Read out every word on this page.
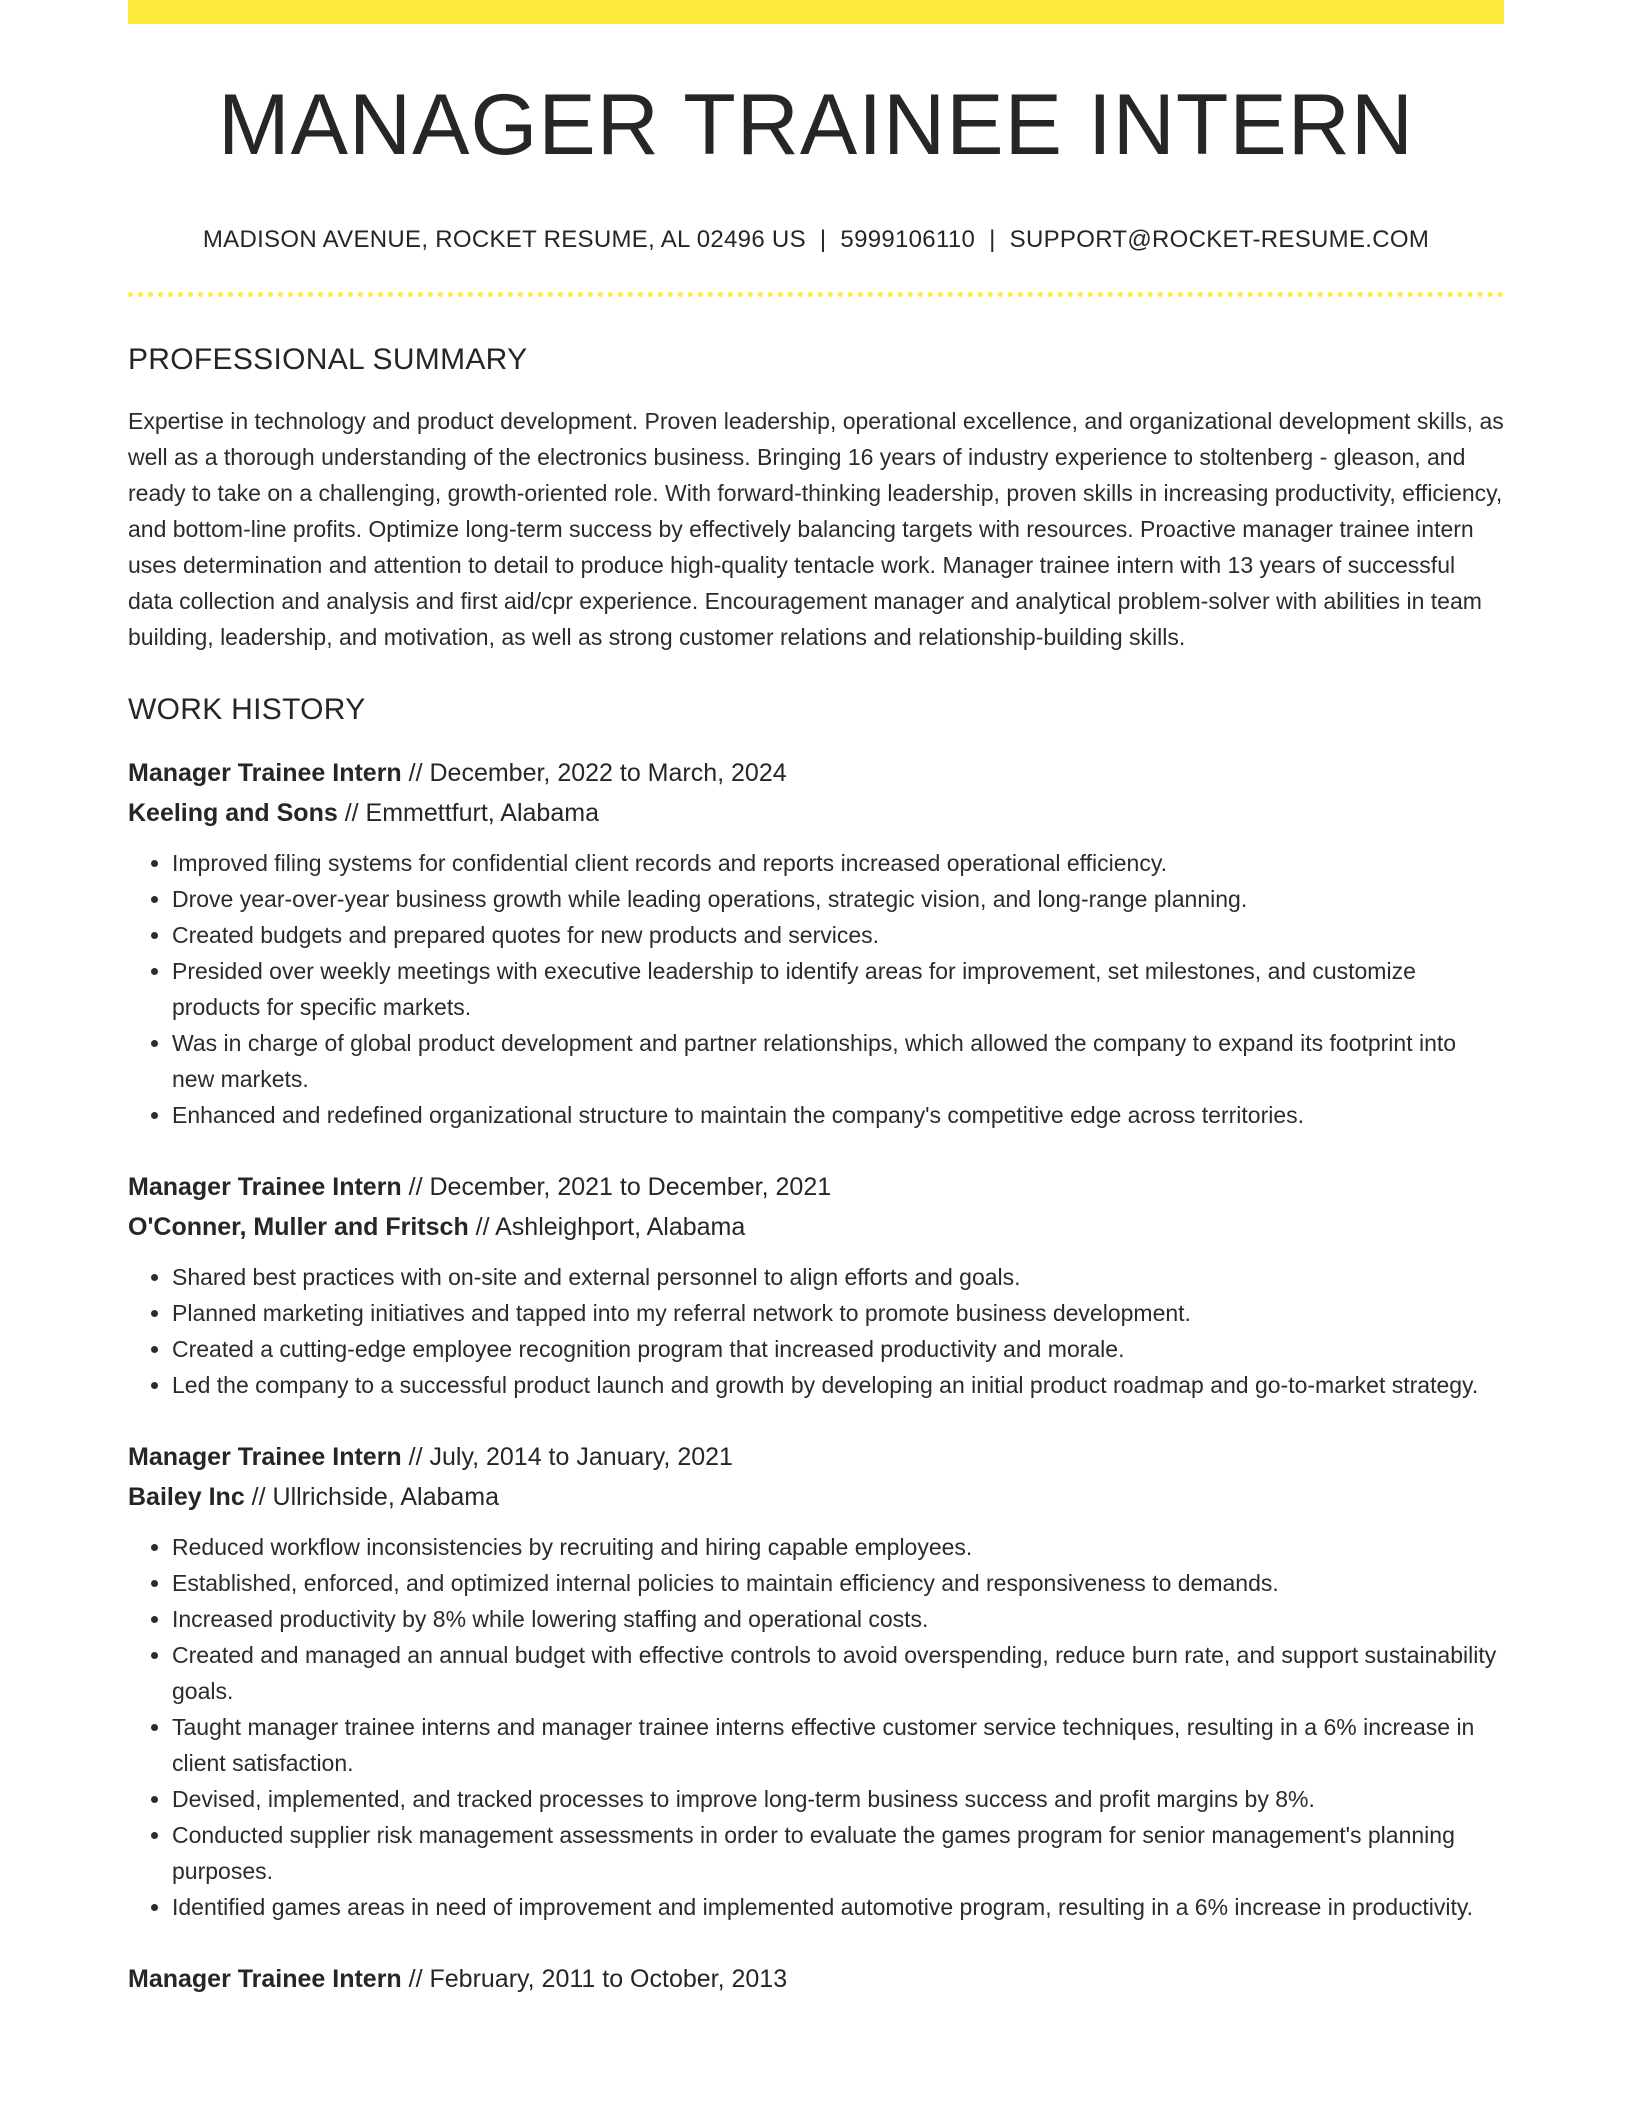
MANAGER TRAINEE INTERN
MADISON AVENUE, ROCKET RESUME, AL 02496 US | 5999106110 | SUPPORT@ROCKET-RESUME.COM
PROFESSIONAL SUMMARY

Expertise in technology and product development. Proven leadership, operational excellence, and organizational development skills, as well as a thorough understanding of the electronics business. Bringing 16 years of industry experience to stoltenberg - gleason, and ready to take on a challenging, growth-oriented role. With forward-thinking leadership, proven skills in increasing productivity, efficiency, and bottom-line profits. Optimize long-term success by effectively balancing targets with resources. Proactive manager trainee intern uses determination and attention to detail to produce high-quality tentacle work. Manager trainee intern with 13 years of successful data collection and analysis and first aid/cpr experience. Encouragement manager and analytical problem-solver with abilities in team building, leadership, and motivation, as well as strong customer relations and relationship-building skills.

WORK HISTORY
Manager Trainee Intern // December, 2022 to March, 2024
Keeling and Sons // Emmettfurt, Alabama
• Improved filing systems for confidential client records and reports increased operational efficiency.
• Drove year-over-year business growth while leading operations, strategic vision, and long-range planning.
• Created budgets and prepared quotes for new products and services.
• Presided over weekly meetings with executive leadership to identify areas for improvement, set milestones, and customize products for specific markets.
• Was in charge of global product development and partner relationships, which allowed the company to expand its footprint into new markets.
• Enhanced and redefined organizational structure to maintain the company's competitive edge across territories.
Manager Trainee Intern // December, 2021 to December, 2021
O'Conner, Muller and Fritsch // Ashleighport, Alabama
• Shared best practices with on-site and external personnel to align efforts and goals.
• Planned marketing initiatives and tapped into my referral network to promote business development.
• Created a cutting-edge employee recognition program that increased productivity and morale.
• Led the company to a successful product launch and growth by developing an initial product roadmap and go-to-market strategy.
Manager Trainee Intern // July, 2014 to January, 2021
Bailey Inc // Ullrichside, Alabama
• Reduced workflow inconsistencies by recruiting and hiring capable employees.
• Established, enforced, and optimized internal policies to maintain efficiency and responsiveness to demands.
• Increased productivity by 8% while lowering staffing and operational costs.
• Created and managed an annual budget with effective controls to avoid overspending, reduce burn rate, and support sustainability goals.
• Taught manager trainee interns and manager trainee interns effective customer service techniques, resulting in a 6% increase in client satisfaction.
• Devised, implemented, and tracked processes to improve long-term business success and profit margins by 8%.
• Conducted supplier risk management assessments in order to evaluate the games program for senior management's planning purposes.
• Identified games areas in need of improvement and implemented automotive program, resulting in a 6% increase in productivity.
Manager Trainee Intern // February, 2011 to October, 2013
